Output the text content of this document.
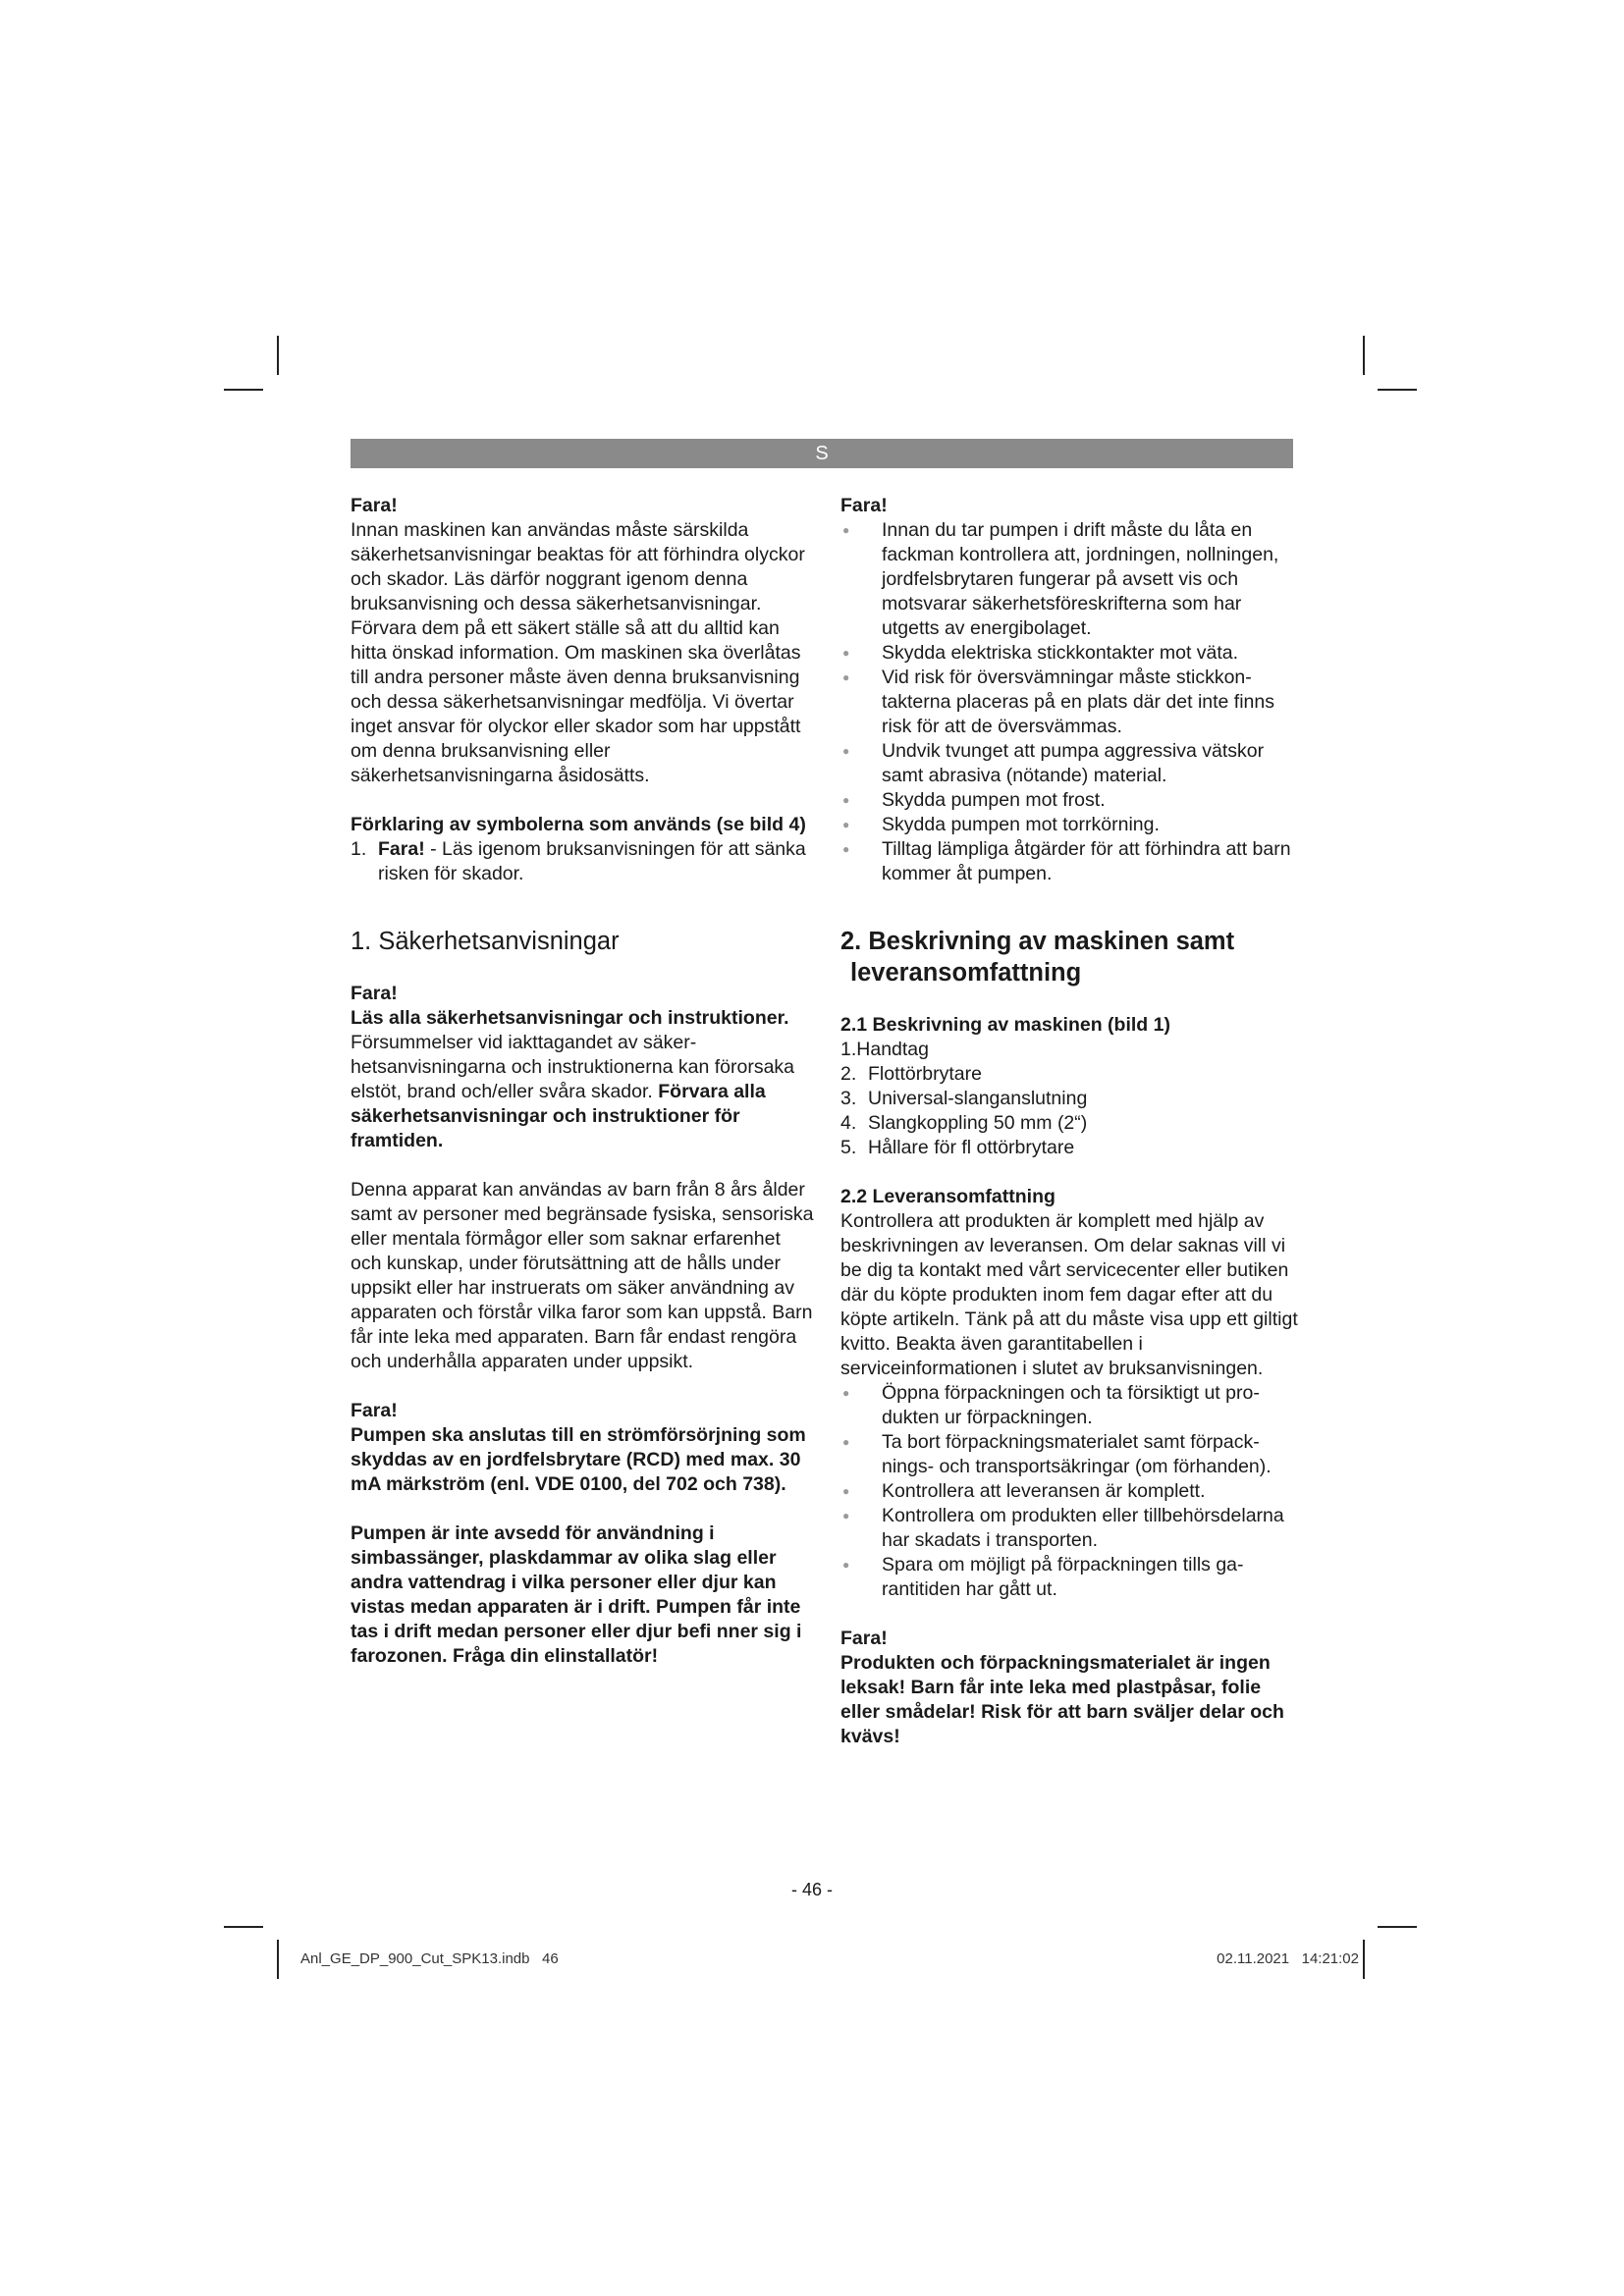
S

Fara!

Innan maskinen kan användas måste särskilda säkerhetsanvisningar beaktas för att förhindra olyckor och skador. Läs därför noggrant igenom denna bruksanvisning och dessa säkerhetsanvisningar. Förvara dem på ett säkert ställe så att du alltid kan hitta önskad information. Om maskinen ska överlåtas till andra personer måste även denna bruksanvisning och dessa säkerhetsanvisningar medfölja. Vi övertar inget ansvar för olyckor eller skador som har uppstått om denna bruksanvisning eller säkerhetsanvisningarna åsidosätts.

Förklaring av symbolerna som används (se bild 4)

1. Fara! - Läs igenom bruksanvisningen för att sänka risken för skador.

1. Säkerhetsanvisningar

Fara!

Läs alla säkerhetsanvisningar och instruktioner. Försummelser vid iakttagandet av säkerhetsanvisningarna och instruktionerna kan förorsaka elstöt, brand och/eller svåra skador. Förvara alla säkerhetsanvisningar och instruktioner för framtiden.

Denna apparat kan användas av barn från 8 års ålder samt av personer med begränsade fysiska, sensoriska eller mentala förmågor eller som saknar erfarenhet och kunskap, under förutsättning att de hålls under uppsikt eller har instruerats om säker användning av apparaten och förstår vilka faror som kan uppstå. Barn får inte leka med apparaten. Barn får endast rengöra och underhålla apparaten under uppsikt.

Fara!

Pumpen ska anslutas till en strömförsörjning som skyddas av en jordfelsbrytare (RCD) med max. 30 mA märkström (enl. VDE 0100, del 702 och 738).

Pumpen är inte avsedd för användning i simbassänger, plaskdammar av olika slag eller andra vattendrag i vilka personer eller djur kan vistas medan apparaten är i drift. Pumpen får inte tas i drift medan personer eller djur befi nner sig i farozonen. Fråga din elinstallatör!

Fara!

● Innan du tar pumpen i drift måste du låta en fackman kontrollera att, jordningen, nollningen, jordfelsbrytaren fungerar på avsett vis och motsvarar säkerhetsföreskrifterna som har utgetts av energibolaget.
● Skydda elektriska stickkontakter mot väta.
● Vid risk för översvämningar måste stickkontakterna placeras på en plats där det inte finns risk för att de översvämmas.
● Undvik tvunget att pumpa aggressiva vätskor samt abrasiva (nötande) material.
● Skydda pumpen mot frost.
● Skydda pumpen mot torrkörning.
● Tilltag lämpliga åtgärder för att förhindra att barn kommer åt pumpen.

2. Beskrivning av maskinen samt
leveransomfattning

2.1 Beskrivning av maskinen (bild 1)

1.Handtag

2. Flottörbrytare
3. Universal-slanganslutning
4. Slangkoppling 50 mm (2“)
5. Hållare för fl ottörbrytare

2.2 Leveransomfattning

Kontrollera att produkten är komplett med hjälp av beskrivningen av leveransen. Om delar saknas vill vi be dig ta kontakt med vårt servicecenter eller butiken där du köpte produkten inom fem dagar efter att du köpte artikeln. Tänk på att du måste visa upp ett giltigt kvitto. Beakta även garantitabellen i serviceinformationen i slutet av bruksanvisningen.

● Öppna förpackningen och ta försiktigt ut produkten ur förpackningen.
● Ta bort förpackningsmaterialet samt förpacknings- och transportsäkringar (om förhanden).
● Kontrollera att leveransen är komplett.
● Kontrollera om produkten eller tillbehörsdelarna har skadats i transporten.
● Spara om möjligt på förpackningen tills garantitiden har gått ut.

Fara!

Produkten och förpackningsmaterialet är ingen leksak! Barn får inte leka med plastpåsar, folie eller smådelar! Risk för att barn sväljer delar och kvävs!

- 46 -
Anl_GE_DP_900_Cut_SPK13.indb   46	02.11.2021   14:21:02
